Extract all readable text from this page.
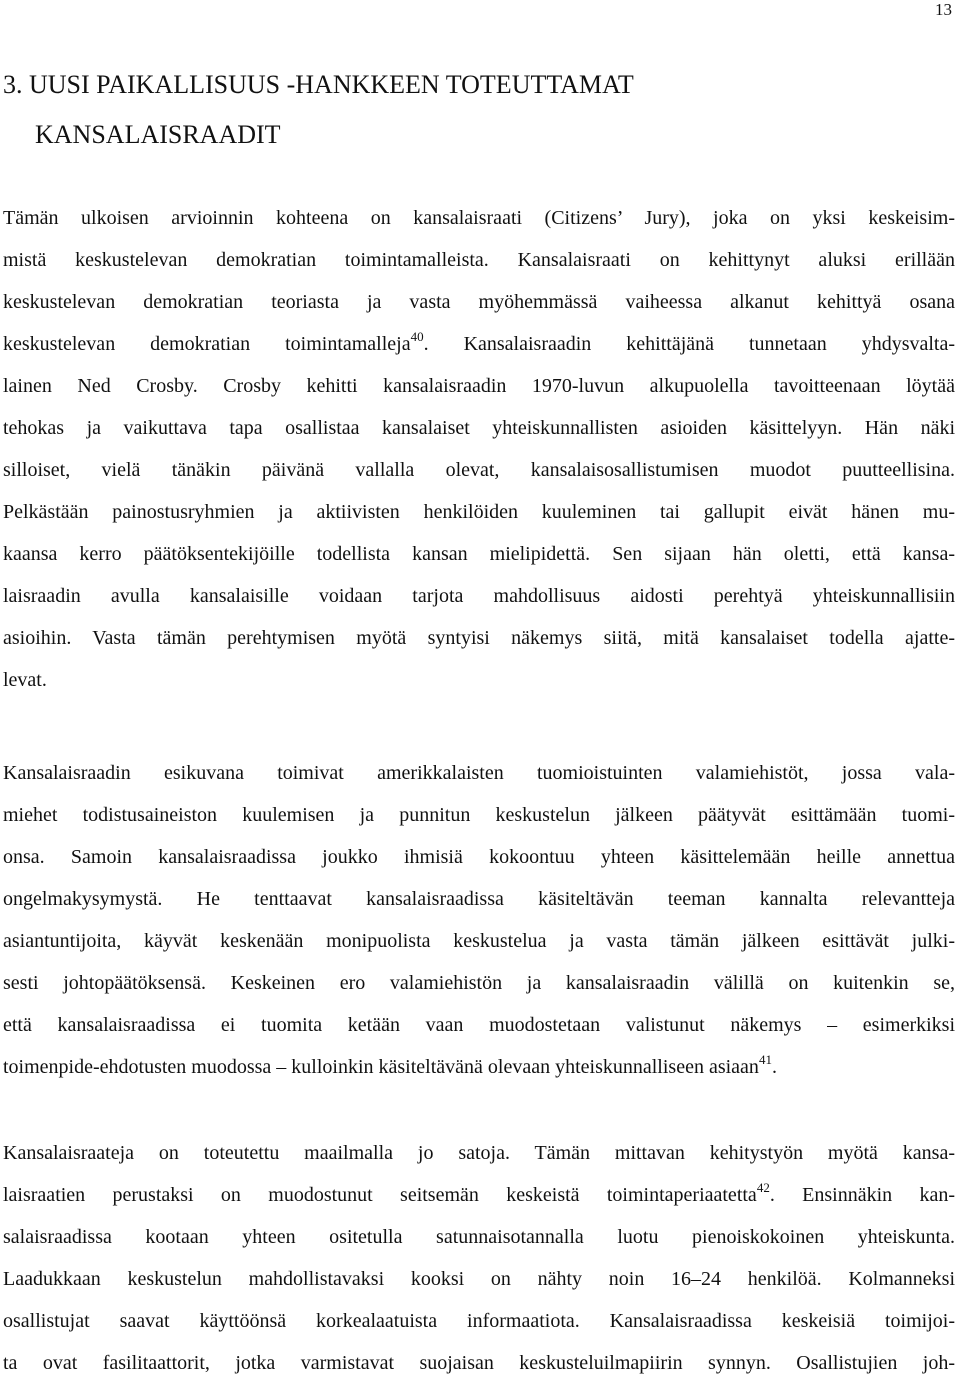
13
3. UUSI PAIKALLISUUS -HANKKEEN TOTEUTTAMAT
KANSALAISRAADIT
Tämän ulkoisen arvioinnin kohteena on kansalaisraati (Citizens’ Jury), joka on yksi keskeisim-
mistä keskustelevan demokratian toimintamalleista. Kansalaisraati on kehittynyt aluksi erillään
keskustelevan demokratian teoriasta ja vasta myöhemmässä vaiheessa alkanut kehittyä osana
keskustelevan demokratian toimintamalleja$^{40}$. Kansalaisraadin kehittäjänä tunnetaan yhdysvalta-
lainen Ned Crosby. Crosby kehitti kansalaisraadin 1970-luvun alkupuolella tavoitteenaan löytää
tehokas ja vaikuttava tapa osallistaa kansalaiset yhteiskunnallisten asioiden käsittelyyn. Hän näki
silloiset, vielä tänäkin päivänä vallalla olevat, kansalaisosallistumisen muodot puutteellisina.
Pelkästään painostusryhmien ja aktiivisten henkilöiden kuuleminen tai gallupit eivät hänen mu-
kaansa kerro päätöksentekijöille todellista kansan mielipidettä. Sen sijaan hän oletti, että kansa-
laisraadin avulla kansalaisille voidaan tarjota mahdollisuus aidosti perehtyä yhteiskunnallisiin
asioihin. Vasta tämän perehtymisen myötä syntyisi näkemys siitä, mitä kansalaiset todella ajatte-
levat.
Kansalaisraadin esikuvana toimivat amerikkalaisten tuomioistuinten valamiehistöt, jossa vala-
miehet todistusaineiston kuulemisen ja punnitun keskustelun jälkeen päätyvät esittämään tuomi-
onsa. Samoin kansalaisraadissa joukko ihmisiä kokoontuu yhteen käsittelemään heille annettua
ongelmakysymystä. He tenttaavat kansalaisraadissa käsiteltävän teeman kannalta relevantteja
asiantuntijoita, käyvät keskenään monipuolista keskustelua ja vasta tämän jälkeen esittävät julki-
sesti johtopäätöksensä. Keskeinen ero valamiehistön ja kansalaisraadin välillä on kuitenkin se,
että kansalaisraadissa ei tuomita ketään vaan muodostetaan valistunut näkemys – esimerkiksi
toimenpide-ehdotusten muodossa – kulloinkin käsiteltävänä olevaan yhteiskunnalliseen asiaan$^{41}$.
Kansalaisraateja on toteutettu maailmalla jo satoja. Tämän mittavan kehitystyön myötä kansa-
laisraatien perustaksi on muodostunut seitsemän keskeistä toimintaperiaatetta$^{42}$. Ensinnäkin kan-
salaisraadissa kootaan yhteen ositetulla satunnaisotannalla luotu pienoiskokoinen yhteiskunta.
Laadukkaan keskustelun mahdollistavaksi kooksi on nähty noin 16–24 henkilöä. Kolmanneksi
osallistujat saavat käyttöönsä korkealaatuista informaatiota. Kansalaisraadissa keskeisiä toimijoi-
ta ovat fasilitaattorit, jotka varmistavat suojaisan keskusteluilmapiirin synnyn. Osallistujien joh-
